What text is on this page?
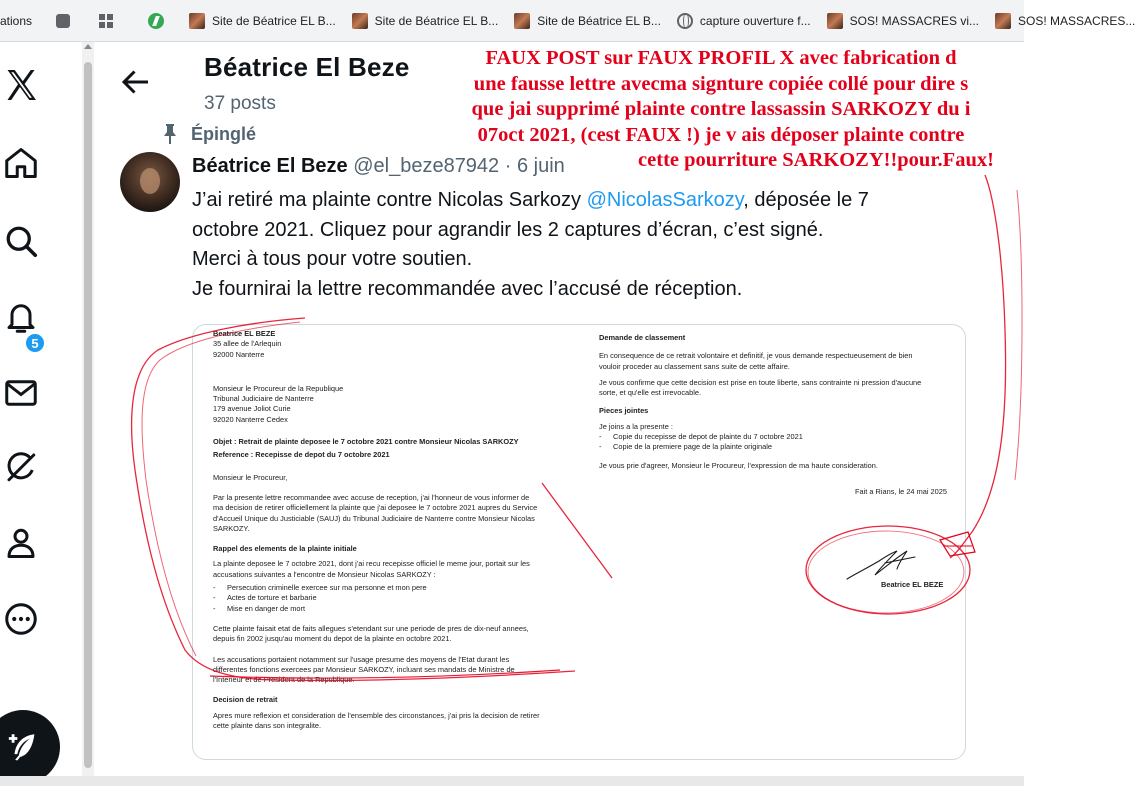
ations	Site de Béatrice EL B...	Site de Béatrice EL B...	Site de Béatrice EL B...	capture ouverture f...	SOS! MASSACRES vi...	SOS! MASSACRES...
5
Béatrice El Beze
37 posts
Épinglé
Béatrice El Beze @el_beze87942 · 6 juin
J’ai retiré ma plainte contre Nicolas Sarkozy @NicolasSarkozy, déposée le 7
octobre 2021. Cliquez pour agrandir les 2 captures d’écran, c’est signé.
Merci à tous pour votre soutien.
Je fournirai la lettre recommandée avec l’accusé de réception.
Beatrice EL BEZE
35 allee de l'Arlequin
92000 Nanterre
Monsieur le Procureur de la Republique
Tribunal Judiciaire de Nanterre
179 avenue Joliot Curie
92020 Nanterre Cedex
Objet : Retrait de plainte deposee le 7 octobre 2021 contre Monsieur Nicolas SARKOZY
Reference : Recepisse de depot du 7 octobre 2021
Monsieur le Procureur,
Par la presente lettre recommandee avec accuse de reception, j'ai l'honneur de vous informer de
ma decision de retirer officiellement la plainte que j'ai deposee le 7 octobre 2021 aupres du Service
d'Accueil Unique du Justiciable (SAUJ) du Tribunal Judiciaire de Nanterre contre Monsieur Nicolas
SARKOZY.
Rappel des elements de la plainte initiale
La plainte deposee le 7 octobre 2021, dont j'ai recu recepisse officiel le meme jour, portait sur les
accusations suivantes a l'encontre de Monsieur Nicolas SARKOZY :
- Persecution criminelle exercee sur ma personne et mon pere
- Actes de torture et barbarie
- Mise en danger de mort
Cette plainte faisait etat de faits allegues s'etendant sur une periode de pres de dix-neuf annees,
depuis fin 2002 jusqu'au moment du depot de la plainte en octobre 2021.
Les accusations portaient notamment sur l'usage presume des moyens de l'Etat durant les
differentes fonctions exercees par Monsieur SARKOZY, incluant ses mandats de Ministre de
l'Interieur et de President de la Republique.
Decision de retrait
Apres mure reflexion et consideration de l'ensemble des circonstances, j'ai pris la decision de retirer
cette plainte dans son integralite.
Demande de classement
En consequence de ce retrait volontaire et definitif, je vous demande respectueusement de bien
vouloir proceder au classement sans suite de cette affaire.
Je vous confirme que cette decision est prise en toute liberte, sans contrainte ni pression d'aucune
sorte, et qu'elle est irrevocable.
Pieces jointes
Je joins a la presente :
- Copie du recepisse de depot de plainte du 7 octobre 2021
- Copie de la premiere page de la plainte originale
Je vous prie d'agreer, Monsieur le Procureur, l'expression de ma haute consideration.
Fait a Rians, le 24 mai 2025
Beatrice EL BEZE
FAUX POST sur FAUX PROFIL X avec fabrication d
une fausse lettre avecma signture copiée collé pour dire s
que jai supprimé plainte contre lassassin SARKOZY du i
07oct 2021, (cest FAUX !) je v ais déposer plainte contre
cette pourriture SARKOZY!!pour.Faux!
